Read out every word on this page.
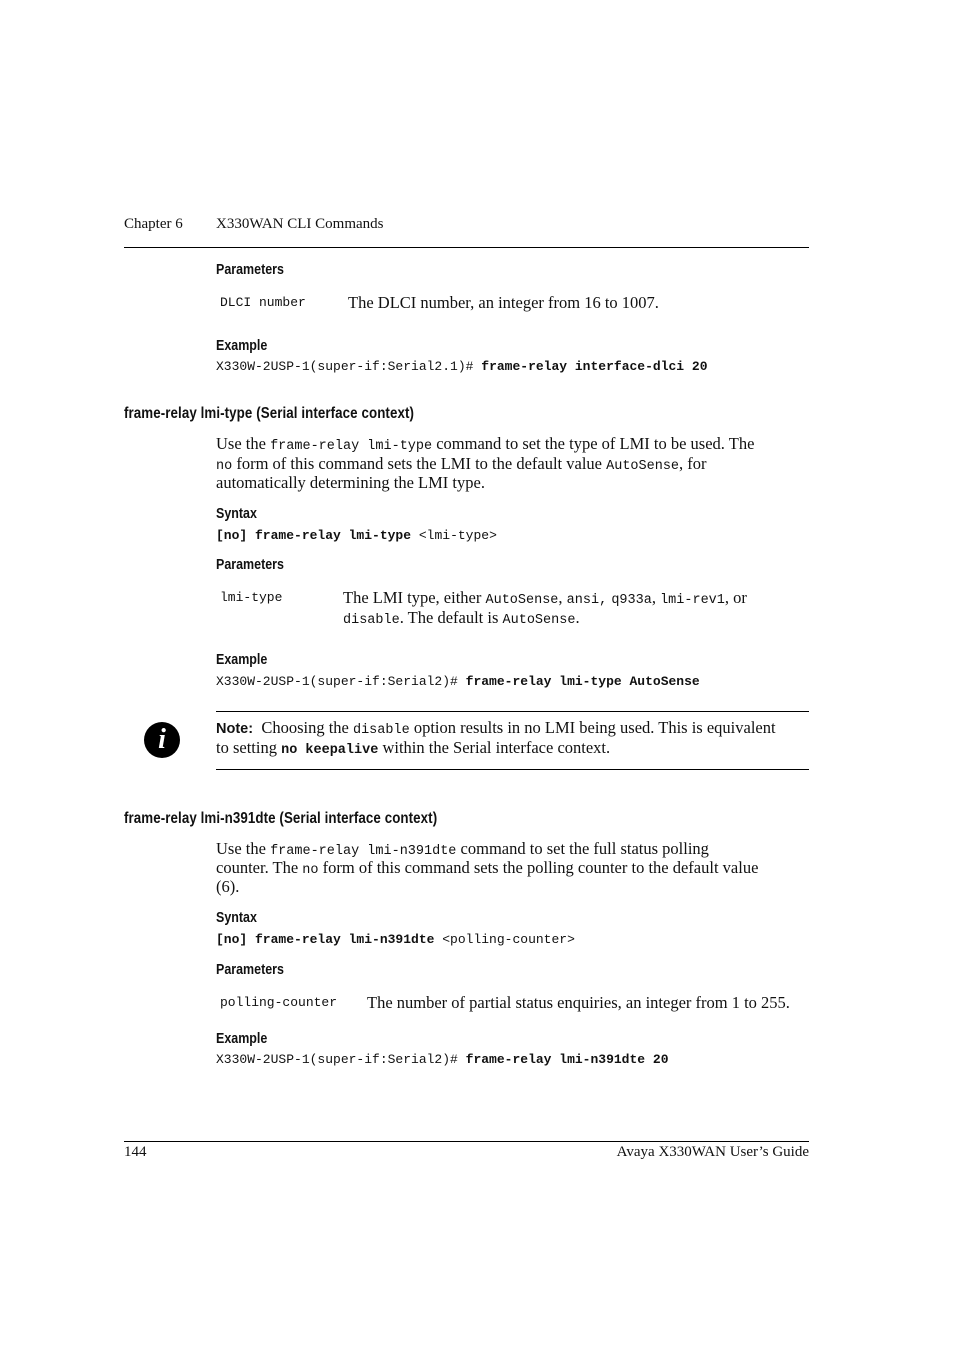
Chapter 6 X330WAN CLI Commands
Parameters
DLCI number	The DLCI number, an integer from 16 to 1007.
Example
X330W-2USP-1(super-if:Serial2.1)# frame-relay interface-dlci 20
frame-relay lmi-type (Serial interface context)
Use the frame-relay lmi-type command to set the type of LMI to be used. The
no form of this command sets the LMI to the default value AutoSense, for
automatically determining the LMI type.
Syntax
[no] frame-relay lmi-type <lmi-type>
Parameters
lmi-type	The LMI type, either AutoSense, ansi, q933a, lmi-rev1, or
disable. The default is AutoSense.
Example
X330W-2USP-1(super-if:Serial2)# frame-relay lmi-type AutoSense
i	Note: Choosing the disable option results in no LMI being used. This is equivalent
to setting no keepalive within the Serial interface context.
frame-relay lmi-n391dte (Serial interface context)
Use the frame-relay lmi-n391dte command to set the full status polling
counter. The no form of this command sets the polling counter to the default value
(6).
Syntax
[no] frame-relay lmi-n391dte <polling-counter>
Parameters
polling-counter The number of partial status enquiries, an integer from 1 to 255.
Example
X330W-2USP-1(super-if:Serial2)# frame-relay lmi-n391dte 20
144	Avaya X330WAN User’s Guide
